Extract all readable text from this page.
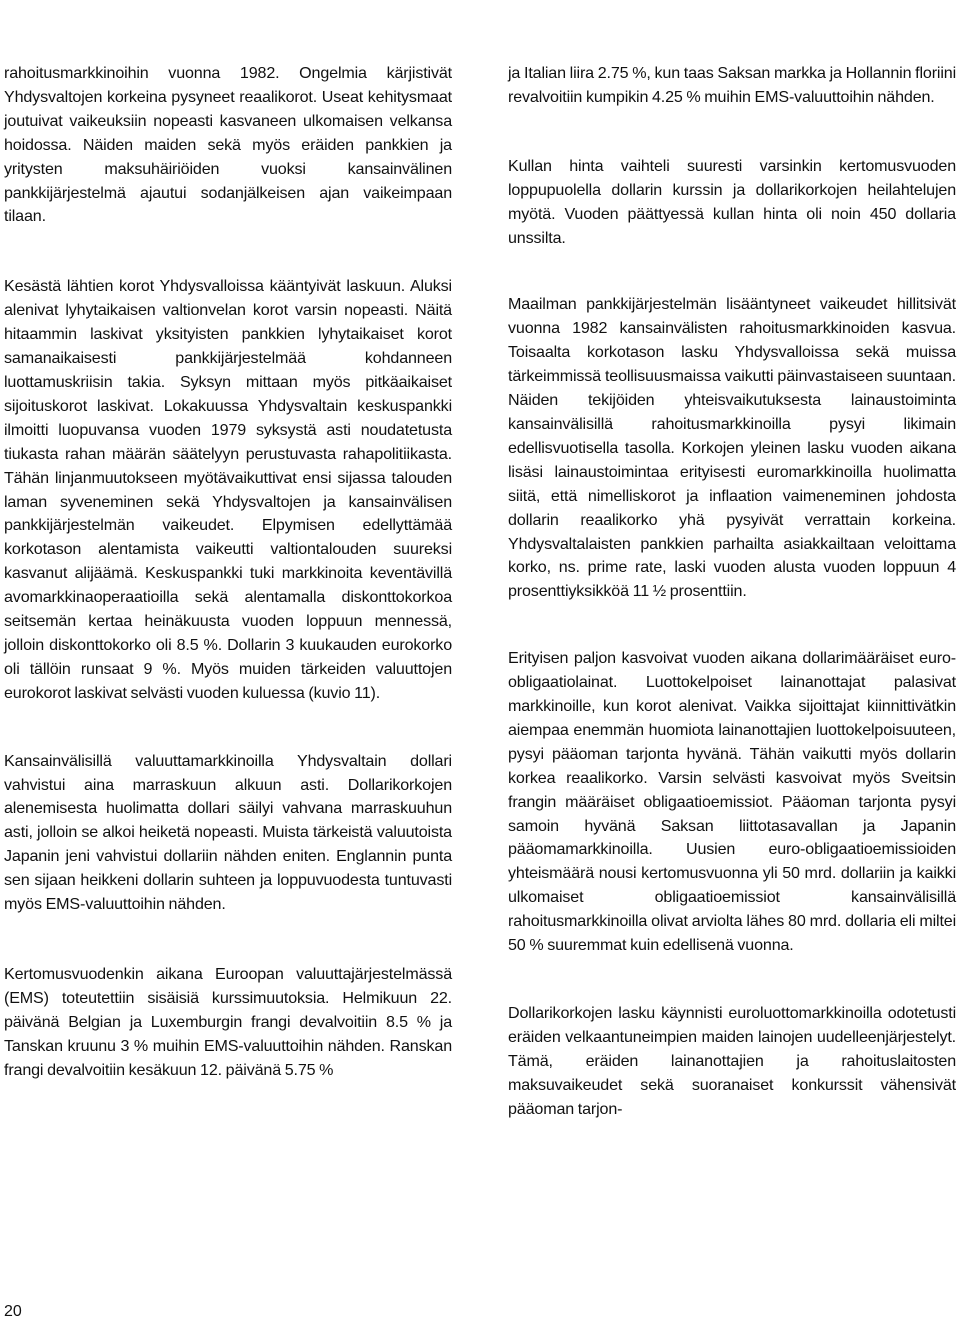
rahoitusmarkkinoihin vuonna 1982. Ongelmia kärjistivät Yhdysvaltojen korkeina pysyneet reaalikorot. Useat kehitysmaat joutuivat vaikeuksiin nopeasti kasvaneen ulkomaisen velkansa hoidossa. Näiden maiden sekä myös eräiden pankkien ja yritysten maksuhäiriöiden vuoksi kansainvälinen pankkijärjestelmä ajautui sodanjälkeisen ajan vaikeimpaan tilaan.

Kesästä lähtien korot Yhdysvalloissa kääntyivät laskuun. Aluksi alenivat lyhytaikaisen valtionvelan korot varsin nopeasti. Näitä hitaammin laskivat yksityisten pankkien lyhytaikaiset korot samanaikaisesti pankkijärjestelmää kohdanneen luottamuskriisin takia. Syksyn mittaan myös pitkäaikaiset sijoituskorot laskivat. Lokakuussa Yhdysvaltain keskuspankki ilmoitti luopuvansa vuoden 1979 syksystä asti noudatetusta tiukasta rahan määrän säätelyyn perustuvasta rahapolitiikasta. Tähän linjanmuutokseen myötävaikuttivat ensi sijassa talouden laman syveneminen sekä Yhdysvaltojen ja kansainvälisen pankkijärjestelmän vaikeudet. Elpymisen edellyttämää korkotason alentamista vaikeutti valtiontalouden suureksi kasvanut alijäämä. Keskuspankki tuki markkinoita keventävillä avomarkkinaoperaatioilla sekä alentamalla diskonttokorkoa seitsemän kertaa heinäkuusta vuoden loppuun mennessä, jolloin diskonttokorko oli 8.5 %. Dollarin 3 kuukauden eurokorko oli tällöin runsaat 9 %. Myös muiden tärkeiden valuuttojen eurokorot laskivat selvästi vuoden kuluessa (kuvio 11).

Kansainvälisillä valuuttamarkkinoilla Yhdysvaltain dollari vahvistui aina marraskuun alkuun asti. Dollarikorkojen alenemisesta huolimatta dollari säilyi vahvana marraskuuhun asti, jolloin se alkoi heiketä nopeasti. Muista tärkeistä valuutoista Japanin jeni vahvistui dollariin nähden eniten. Englannin punta sen sijaan heikkeni dollarin suhteen ja loppuvuodesta tuntuvasti myös EMS-valuuttoihin nähden.

Kertomusvuodenkin aikana Euroopan valuuttajärjestelmässä (EMS) toteutettiin sisäisiä kurssimuutoksia. Helmikuun 22. päivänä Belgian ja Luxemburgin frangi devalvoitiin 8.5 % ja Tanskan kruunu 3 % muihin EMS-valuuttoihin nähden. Ranskan frangi devalvoitiin kesäkuun 12. päivänä 5.75 %

ja Italian liira 2.75 %, kun taas Saksan markka ja Hollannin floriini revalvoitiin kumpikin 4.25 % muihin EMS-valuuttoihin nähden.

Kullan hinta vaihteli suuresti varsinkin kertomusvuoden loppupuolella dollarin kurssin ja dollarikorkojen heilahtelujen myötä. Vuoden päättyessä kullan hinta oli noin 450 dollaria unssilta.

Maailman pankkijärjestelmän lisääntyneet vaikeudet hillitsivät vuonna 1982 kansainvälisten rahoitusmarkkinoiden kasvua. Toisaalta korkotason lasku Yhdysvalloissa sekä muissa tärkeimmissä teollisuusmaissa vaikutti päinvastaiseen suuntaan. Näiden tekijöiden yhteisvaikutuksesta lainaustoiminta kansainvälisillä rahoitusmarkkinoilla pysyi likimain edellisvuotisella tasolla. Korkojen yleinen lasku vuoden aikana lisäsi lainaustoimintaa erityisesti euromarkkinoilla huolimatta siitä, että nimelliskorot ja inflaation vaimeneminen johdosta dollarin reaalikorko yhä pysyivät verrattain korkeina. Yhdysvaltalaisten pankkien parhailta asiakkailtaan veloittama korko, ns. prime rate, laski vuoden alusta vuoden loppuun 4 prosenttiyksikköä 11 ½ prosenttiin.

Erityisen paljon kasvoivat vuoden aikana dollarimääräiset euro-obligaatiolainat. Luottokelpoiset lainanottajat palasivat markkinoille, kun korot alenivat. Vaikka sijoittajat kiinnittivätkin aiempaa enemmän huomiota lainanottajien luottokelpoisuuteen, pysyi pääoman tarjonta hyvänä. Tähän vaikutti myös dollarin korkea reaalikorko. Varsin selvästi kasvoivat myös Sveitsin frangin määräiset obligaatioemissiot. Pääoman tarjonta pysyi samoin hyvänä Saksan liittotasavallan ja Japanin pääomamarkkinoilla. Uusien euro-obligaatioemissioiden yhteismäärä nousi kertomusvuonna yli 50 mrd. dollariin ja kaikki ulkomaiset obligaatioemissiot kansainvälisillä rahoitusmarkkinoilla olivat arviolta lähes 80 mrd. dollaria eli miltei 50 % suuremmat kuin edellisenä vuonna.

Dollarikorkojen lasku käynnisti euroluottomarkkinoilla odotetusti eräiden velkaantuneimpien maiden lainojen uudelleenjärjestelyt. Tämä, eräiden lainanottajien ja rahoituslaitosten maksuvaikeudet sekä suoranaiset konkurssit vähensivät pääoman tarjon-

20
